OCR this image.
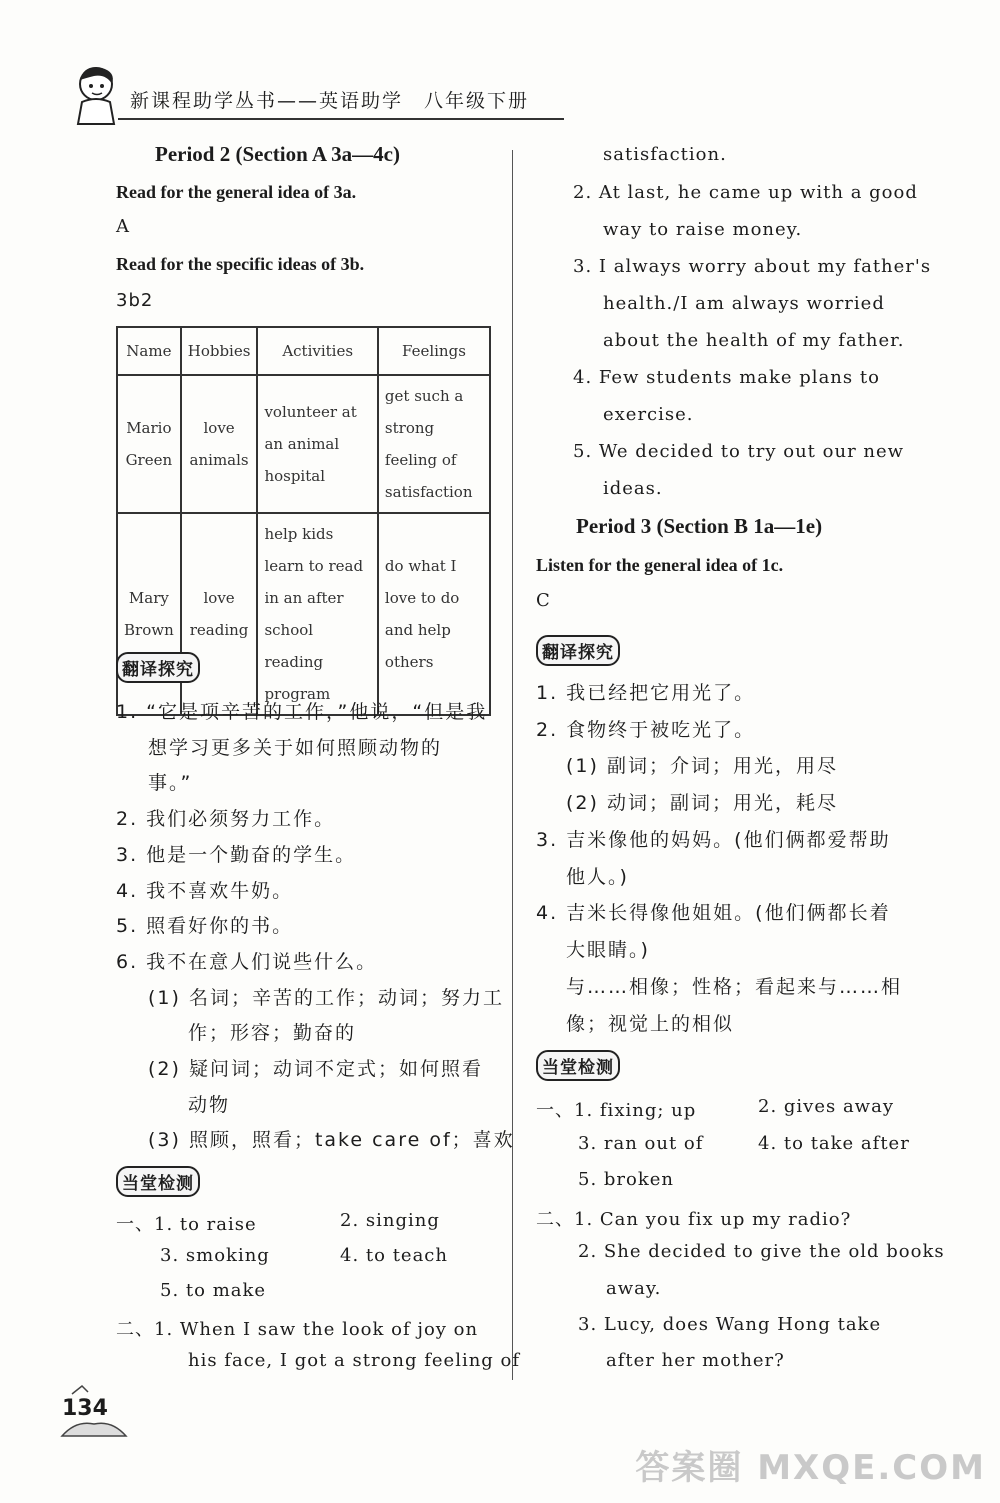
新课程助学丛书——英语助学　八年级下册
Period 2 (Section A 3a—4c)
Read for the general idea of 3a.
A
Read for the specific ideas of 3b.
3b2
Name	Hobbies	Activities	Feelings
Mario Green	love animals	volunteer at an animal hospital	get such a strong feeling of satisfaction
Mary Brown	love reading	help kids learn to read in an after school reading program	do what I love to do and help others
翻译探究
1. “它是项辛苦的工作，”他说，“但是我
想学习更多关于如何照顾动物的
事。”
2. 我们必须努力工作。
3. 他是一个勤奋的学生。
4. 我不喜欢牛奶。
5. 照看好你的书。
6. 我不在意人们说些什么。
(1) 名词；辛苦的工作；动词；努力工
作；形容；勤奋的
(2) 疑问词；动词不定式；如何照看
动物
(3) 照顾，照看；take care of；喜欢
当堂检测
一、1. to raise	2. singing
3. smoking	4. to teach
5. to make
二、1. When I saw the look of joy on
his face, I got a strong feeling of
satisfaction.
2. At last, he came up with a good
way to raise money.
3. I always worry about my father's
health./I am always worried
about the health of my father.
4. Few students make plans to
exercise.
5. We decided to try out our new
ideas.
Period 3 (Section B 1a—1e)
Listen for the general idea of 1c.
C
翻译探究
1. 我已经把它用光了。
2. 食物终于被吃光了。
(1) 副词；介词；用光，用尽
(2) 动词；副词；用光，耗尽
3. 吉米像他的妈妈。(他们俩都爱帮助
他人。)
4. 吉米长得像他姐姐。(他们俩都长着
大眼睛。)
与……相像；性格；看起来与……相
像；视觉上的相似
当堂检测
一、1. fixing; up	2. gives away
3. ran out of	4. to take after
5. broken
二、1. Can you fix up my radio?
2. She decided to give the old books
away.
3. Lucy, does Wang Hong take
after her mother?
134
答案圈 MXQE.COM
